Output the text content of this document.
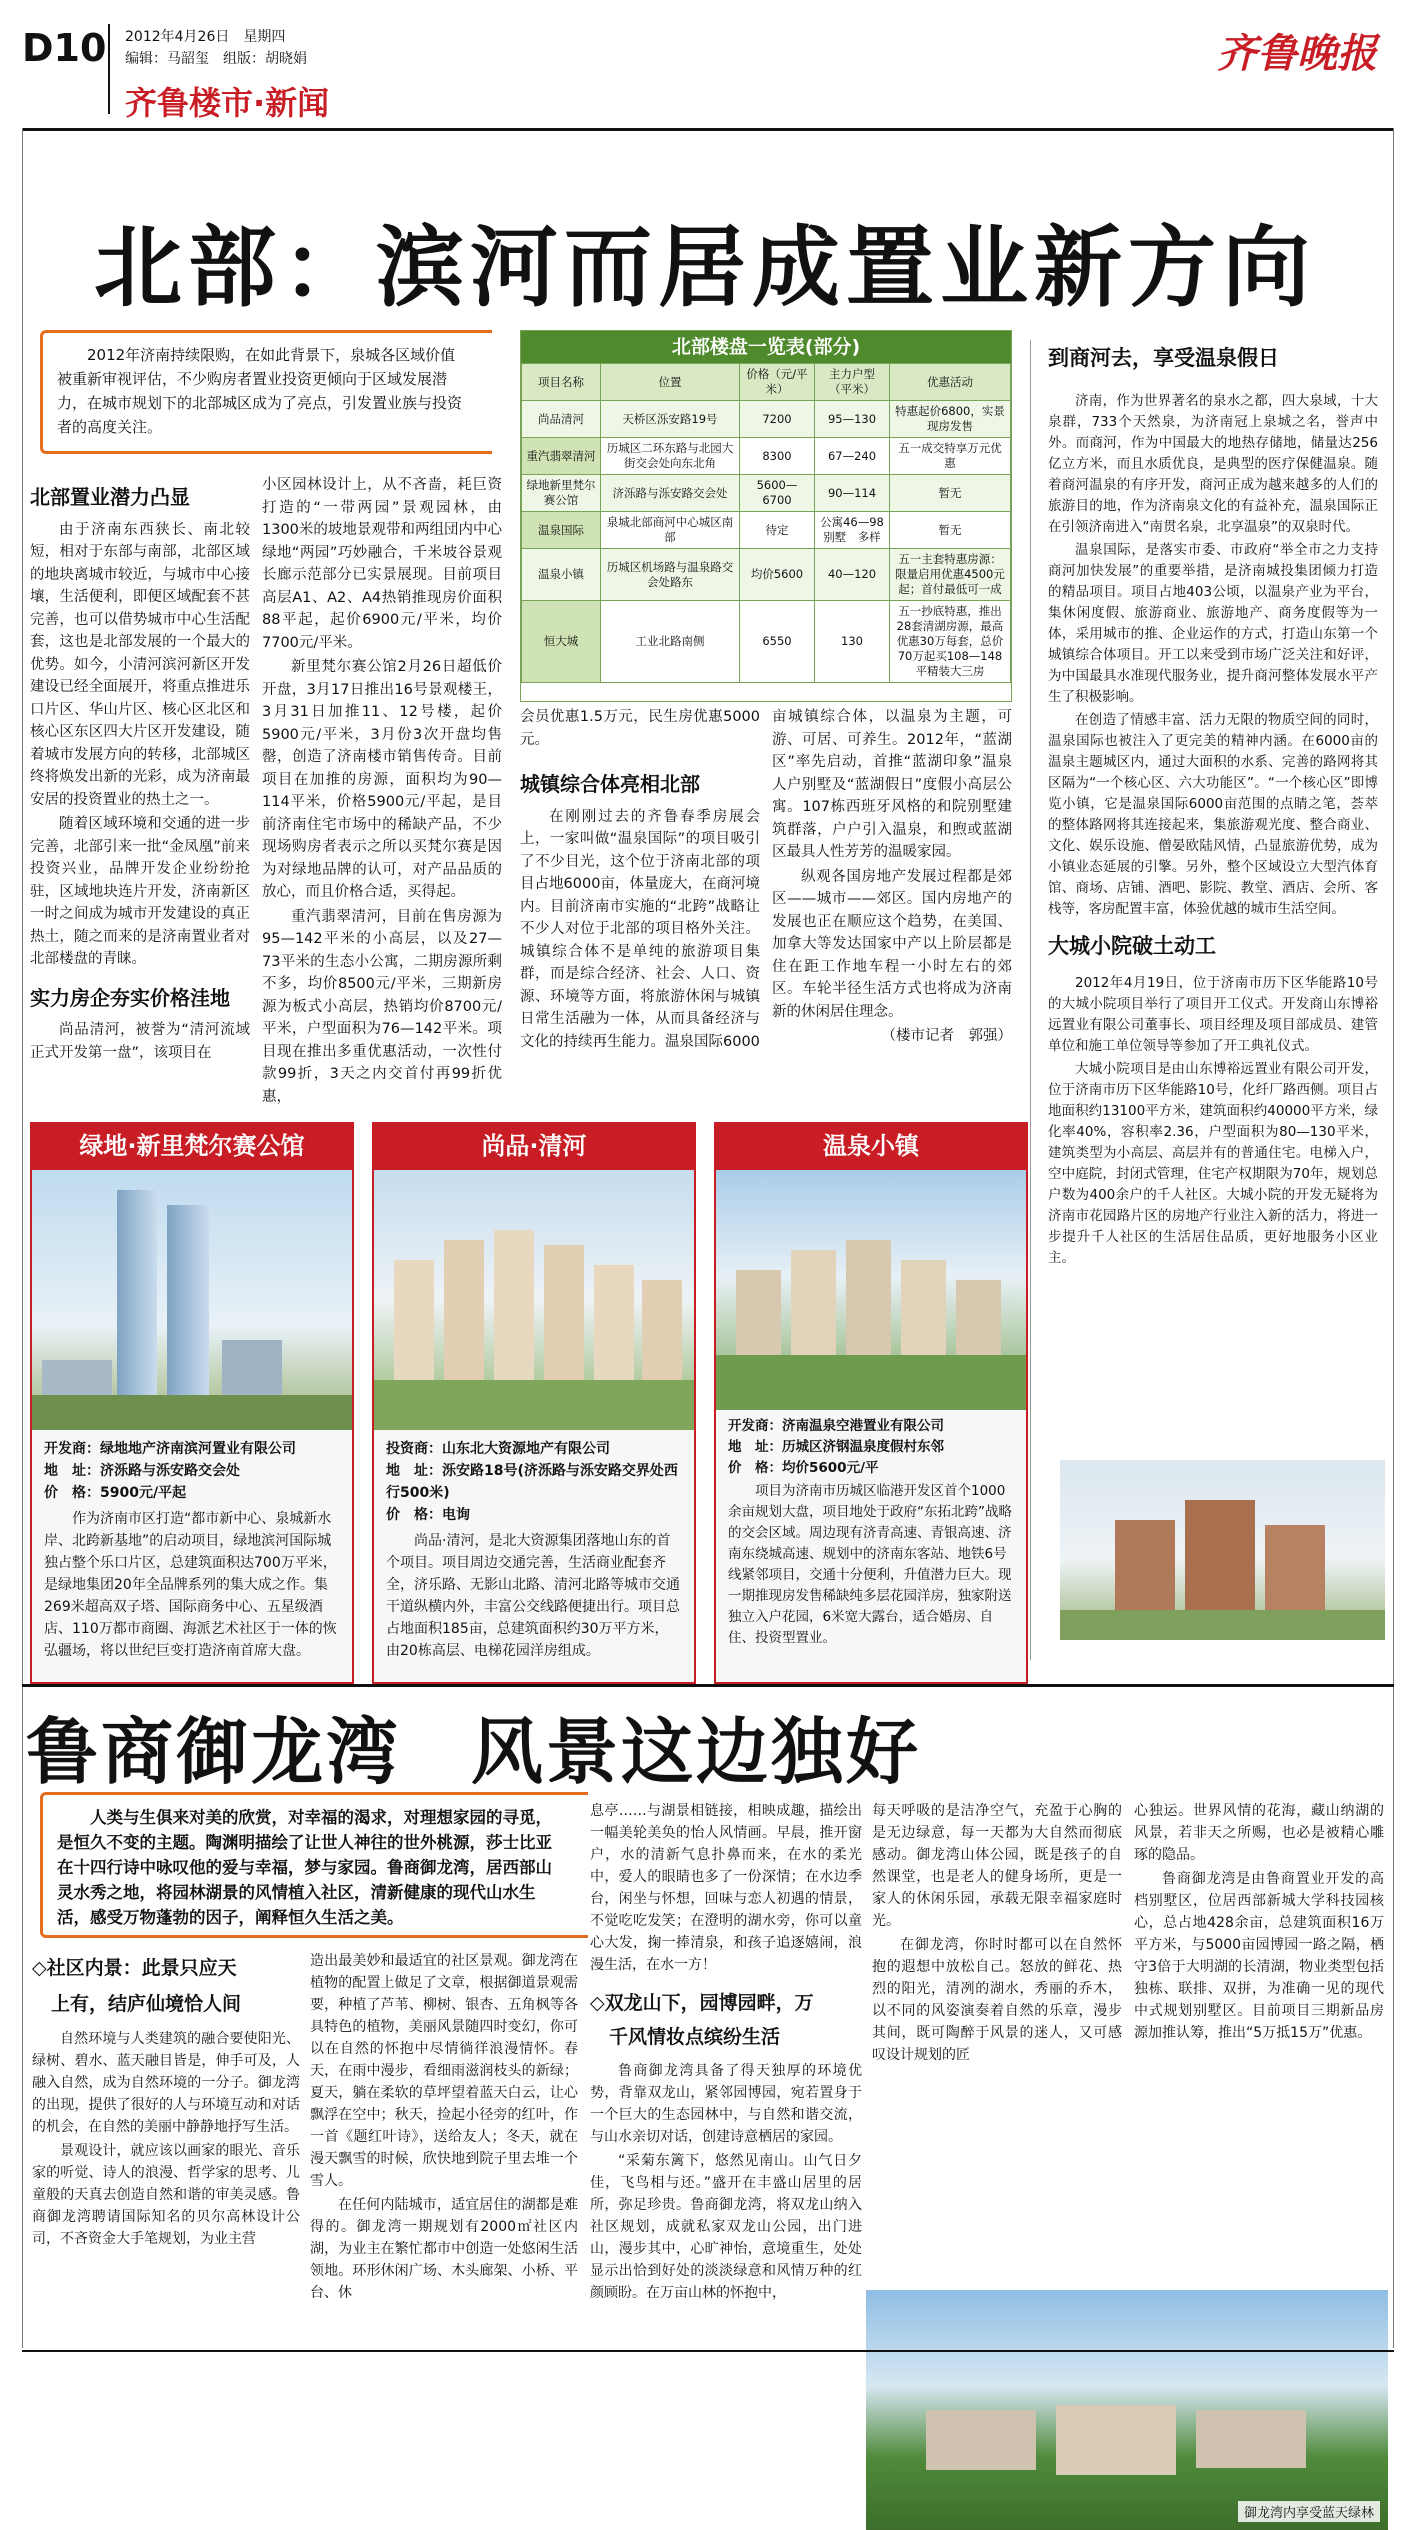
D10 2012年4月26日　星期四
编辑：马韶玺　组版：胡晓娟
齐鲁楼市·新闻
齐鲁晚报
北部：滨河而居成置业新方向
2012年济南持续限购，在如此背景下，泉城各区域价值被重新审视评估，不少购房者置业投资更倾向于区域发展潜力，在城市规划下的北部城区成为了亮点，引发置业族与投资者的高度关注。
北部置业潜力凸显

由于济南东西狭长、南北较短，相对于东部与南部，北部区域的地块离城市较近，与城市中心接壤，生活便利，即便区域配套不甚完善，也可以借势城市中心生活配套，这也是北部发展的一个最大的优势。如今，小清河滨河新区开发建设已经全面展开，将重点推进乐口片区、华山片区、核心区北区和核心区东区四大片区开发建设，随着城市发展方向的转移，北部城区终将焕发出新的光彩，成为济南最安居的投资置业的热土之一。

随着区域环境和交通的进一步完善，北部引来一批“金凤凰”前来投资兴业，品牌开发企业纷纷抢驻，区域地块连片开发，济南新区一时之间成为城市开发建设的真正热土，随之而来的是济南置业者对北部楼盘的青睐。

实力房企夯实价格洼地

尚品清河，被誉为“清河流域正式开发第一盘”，该项目在

小区园林设计上，从不吝啬，耗巨资打造的“一带两园”景观园林，由1300米的坡地景观带和两组団内中心绿地“两园”巧妙融合，千米坡谷景观长廊示范部分已实景展现。目前项目高层A1、A2、A4热销推现房价面积88平起，起价6900元/平米，均价7700元/平米。

新里梵尔赛公馆2月26日超低价开盘，3月17日推出16号景观楼王，3月31日加推11、12号楼，起价5900元/平米，3月份3次开盘均售罄，创造了济南楼市销售传奇。目前项目在加推的房源，面积均为90—114平米，价格5900元/平起，是目前济南住宅市场中的稀缺产品，不少现场购房者表示之所以买梵尔赛是因为对绿地品牌的认可，对产品品质的放心，而且价格合适，买得起。

重汽翡翠清河，目前在售房源为95—142平米的小高层，以及27—73平米的生态小公寓，二期房源所剩不多，均价8500元/平米，三期新房源为板式小高层，热销均价8700元/平米，户型面积为76—142平米。项目现在推出多重优惠活动，一次性付款99折，3天之内交首付再99折优惠，

北部楼盘一览表(部分)
项目名称	位置	价格（元/平米）	主力户型（平米）	优惠活动
尚品清河	天桥区泺安路19号	7200	95—130	特惠起价6800，实景现房发售
重汽翡翠清河	历城区二环东路与北园大街交会处向东北角	8300	67—240	五一成交特享万元优惠
绿地新里梵尔赛公馆	济泺路与泺安路交会处	5600—6700	90—114	暂无
温泉国际	泉城北部商河中心城区南部	待定	公寓46—98　别墅　多样	暂无
温泉小镇	历城区机场路与温泉路交会处路东	均价5600	40—120	五一主套特惠房源：限量启用优惠4500元起；首付最低可一成
恒大城	工业北路南侧	6550	130	五一抄底特惠，推出28套清湖房源，最高优惠30万每套，总价70万起买108—148平精装大三房

会员优惠1.5万元，民生房优惠5000元。

城镇综合体亮相北部

在刚刚过去的齐鲁春季房展会上，一家叫做“温泉国际”的项目吸引了不少目光，这个位于济南北部的项目占地6000亩，体量庞大，在商河境内。目前济南市实施的“北跨”战略让不少人对位于北部的项目格外关注。城镇综合体不是单纯的旅游项目集群，而是综合经济、社会、人口、资源、环境等方面，将旅游休闲与城镇日常生活融为一体，从而具备经济与文化的持续再生能力。温泉国际6000

亩城镇综合体，以温泉为主题，可游、可居、可养生。2012年，“蓝湖区”率先启动，首推“蓝湖印象”温泉人户别墅及“蓝湖假日”度假小高层公寓。107栋西班牙风格的和院别墅建筑群落，户户引入温泉，和煦或蓝湖区最具人性芳芳的温暖家园。

纵观各国房地产发展过程都是郊区——城市——郊区。国内房地产的发展也正在顺应这个趋势，在美国、加拿大等发达国家中产以上阶层都是住在距工作地车程一小时左右的郊区。车轮半径生活方式也将成为济南新的休闲居住理念。

（楼市记者　郭强）
到商河去，享受温泉假日

济南，作为世界著名的泉水之都，四大泉域，十大泉群，733个天然泉，为济南冠上泉城之名，誉声中外。而商河，作为中国最大的地热存储地，储量达256亿立方米，而且水质优良，是典型的医疗保健温泉。随着商河温泉的有序开发，商河正成为越来越多的人们的旅游目的地，作为济南泉文化的有益补充，温泉国际正在引领济南进入“南贯名泉，北享温泉”的双泉时代。

温泉国际，是落实市委、市政府“举全市之力支持商河加快发展”的重要举措，是济南城投集团倾力打造的精品项目。项目占地403公顷，以温泉产业为平台，集休闲度假、旅游商业、旅游地产、商务度假等为一体，采用城市的推、企业运作的方式，打造山东第一个城镇综合体项目。开工以来受到市场广泛关注和好评，为中国最具水准现代服务业，提升商河整体发展水平产生了积极影响。

在创造了情感丰富、活力无限的物质空间的同时，温泉国际也被注入了更完美的精神内涵。在6000亩的温泉主题城区内，通过大面积的水系、完善的路网将其区隔为“一个核心区、六大功能区”。“一个核心区”即博览小镇，它是温泉国际6000亩范围的点睛之笔，荟萃的整体路网将其连接起来，集旅游观光度、整合商业、文化、娱乐设施、僧晏欧陆风情，凸显旅游优势，成为小镇业态延展的引擎。另外，整个区域设立大型汽体育馆、商场、店铺、酒吧、影院、教堂、酒店、会所、客栈等，客房配置丰富，体验优越的城市生活空间。

大城小院破土动工

2012年4月19日，位于济南市历下区华能路10号的大城小院项目举行了项目开工仪式。开发商山东博裕远置业有限公司董事长、项目经理及项目部成员、建管单位和施工单位领导等参加了开工典礼仪式。

大城小院项目是由山东博裕远置业有限公司开发，位于济南市历下区华能路10号，化纤厂路西侧。项目占地面积约13100平方米，建筑面积约40000平方米，绿化率40%，容积率2.36，户型面积为80—130平米，建筑类型为小高层、高层并有的普通住宅。电梯入户，空中庭院，封闭式管理，住宅产权期限为70年，规划总户数为400余户的千人社区。大城小院的开发无疑将为济南市花园路片区的房地产行业注入新的活力，将进一步提升千人社区的生活居住品质，更好地服务小区业主。

绿地·新里梵尔赛公馆
开发商：绿地地产济南滨河置业有限公司
地　址：济泺路与泺安路交会处
价　格：5900元/平起
作为济南市区打造“都市新中心、泉城新水岸、北跨新基地”的启动项目，绿地滨河国际城独占整个乐口片区，总建筑面积达700万平米，是绿地集团20年全品牌系列的集大成之作。集269米超高双子塔、国际商务中心、五星级酒店、110万都市商圈、海派艺术社区于一体的恢弘疆场，将以世纪巨变打造济南首席大盘。
尚品·清河
投资商：山东北大资源地产有限公司
地　址：泺安路18号(济泺路与泺安路交界处西行500米)
价　格：电询
尚品·清河，是北大资源集团落地山东的首个项目。项目周边交通完善，生活商业配套齐全，济乐路、无影山北路、清河北路等城市交通干道纵横内外，丰富公交线路便捷出行。项目总占地面积185亩，总建筑面积约30万平方米，由20栋高层、电梯花园洋房组成。
温泉小镇
开发商：济南温泉空港置业有限公司
地　址：历城区济钢温泉度假村东邻
价　格：均价5600元/平
项目为济南市历城区临港开发区首个1000余亩规划大盘，项目地处于政府“东拓北跨”战略的交会区域。周边现有济青高速、青银高速、济南东绕城高速、规划中的济南东客站、地铁6号线紧邻项目，交通十分便利，升值潜力巨大。现一期推现房发售稀缺纯多层花园洋房，独家附送独立入户花园，6米宽大露台，适合婚房、自住、投资型置业。
鲁商御龙湾 风景这边独好
人类与生俱来对美的欣赏，对幸福的渴求，对理想家园的寻觅，是恒久不变的主题。陶渊明描绘了让世人神往的世外桃源，莎士比亚在十四行诗中咏叹他的爱与幸福，梦与家园。鲁商御龙湾，居西部山灵水秀之地，将园林湖景的风情植入社区，清新健康的现代山水生活，感受万物蓬勃的因子，阐释恒久生活之美。
◇社区内景：此景只应天
上有，结庐仙境恰人间

自然环境与人类建筑的融合要使阳光、绿树、碧水、蓝天融目皆是，伸手可及，人融入自然，成为自然环境的一分子。御龙湾的出现，提供了很好的人与环境互动和对话的机会，在自然的美丽中静静地抒写生活。

景观设计，就应该以画家的眼光、音乐家的听觉、诗人的浪漫、哲学家的思考、儿童般的天真去创造自然和谐的审美灵感。鲁商御龙湾聘请国际知名的贝尔高林设计公司，不吝资金大手笔规划，为业主营

造出最美妙和最适宜的社区景观。御龙湾在植物的配置上做足了文章，根据御道景观需要，种植了芦苇、柳树、银杏、五角枫等各具特色的植物，美丽风景随四时变幻，你可以在自然的怀抱中尽情徜徉浪漫情怀。春天，在雨中漫步，看细雨滋润枝头的新绿；夏天，躺在柔软的草坪望着蓝天白云，让心飘浮在空中；秋天，捡起小径旁的红叶，作一首《题红叶诗》，送给友人；冬天，就在漫天飘雪的时候，欣快地到院子里去堆一个雪人。

在任何内陆城市，适宜居住的湖都是难得的。御龙湾一期规划有2000㎡社区内湖，为业主在繁忙都市中创造一处悠闲生活领地。环形休闲广场、木头廊架、小桥、平台、休

息亭……与湖景相链接，相映成趣，描绘出一幅美轮美奂的怡人风情画。早晨，推开窗户，水的清新气息扑鼻而来，在水的柔光中，爱人的眼睛也多了一份深情；在水边季台，闲坐与怀想，回味与恋人初遇的情景，不觉吃吃发笑；在澄明的湖水旁，你可以童心大发，掬一捧清泉，和孩子追逐嬉闹，浪漫生活，在水一方！

◇双龙山下，园博园畔，万
千风情妆点缤纷生活

鲁商御龙湾具备了得天独厚的环境优势，背靠双龙山，紧邻园博园，宛若置身于一个巨大的生态园林中，与自然和谐交流，与山水亲切对话，创建诗意栖居的家园。

“采菊东篱下，悠然见南山。山气日夕佳，飞鸟相与还。”盛开在丰盛山居里的居所，弥足珍贵。鲁商御龙湾，将双龙山纳入社区规划，成就私家双龙山公园，出门进山，漫步其中，心旷神怡，意境重生，处处显示出恰到好处的淡淡绿意和风情万种的红颜顾盼。在万亩山林的怀抱中，

每天呼吸的是洁净空气，充盈于心胸的是无边绿意，每一天都为大自然而彻底感动。御龙湾山体公园，既是孩子的自然课堂，也是老人的健身场所，更是一家人的休闲乐园，承载无限幸福家庭时光。

在御龙湾，你时时都可以在自然怀抱的遐想中放松自己。怒放的鲜花、热烈的阳光，清冽的湖水，秀丽的乔木，以不同的风姿演奏着自然的乐章，漫步其间，既可陶醉于风景的迷人，又可感叹设计规划的匠

心独运。世界风情的花海，藏山纳湖的风景，若非天之所赐，也必是被精心雕琢的隐品。

鲁商御龙湾是由鲁商置业开发的高档别墅区，位居西部新城大学科技园核心，总占地428余亩，总建筑面积16万平方米，与5000亩园博园一路之隔，栖守3倍于大明湖的长清湖，物业类型包括独栋、联排、双拼，为准确一见的现代中式规划别墅区。目前项目三期新品房源加推认筹，推出“5万抵15万”优惠。

御龙湾内享受蓝天绿林
